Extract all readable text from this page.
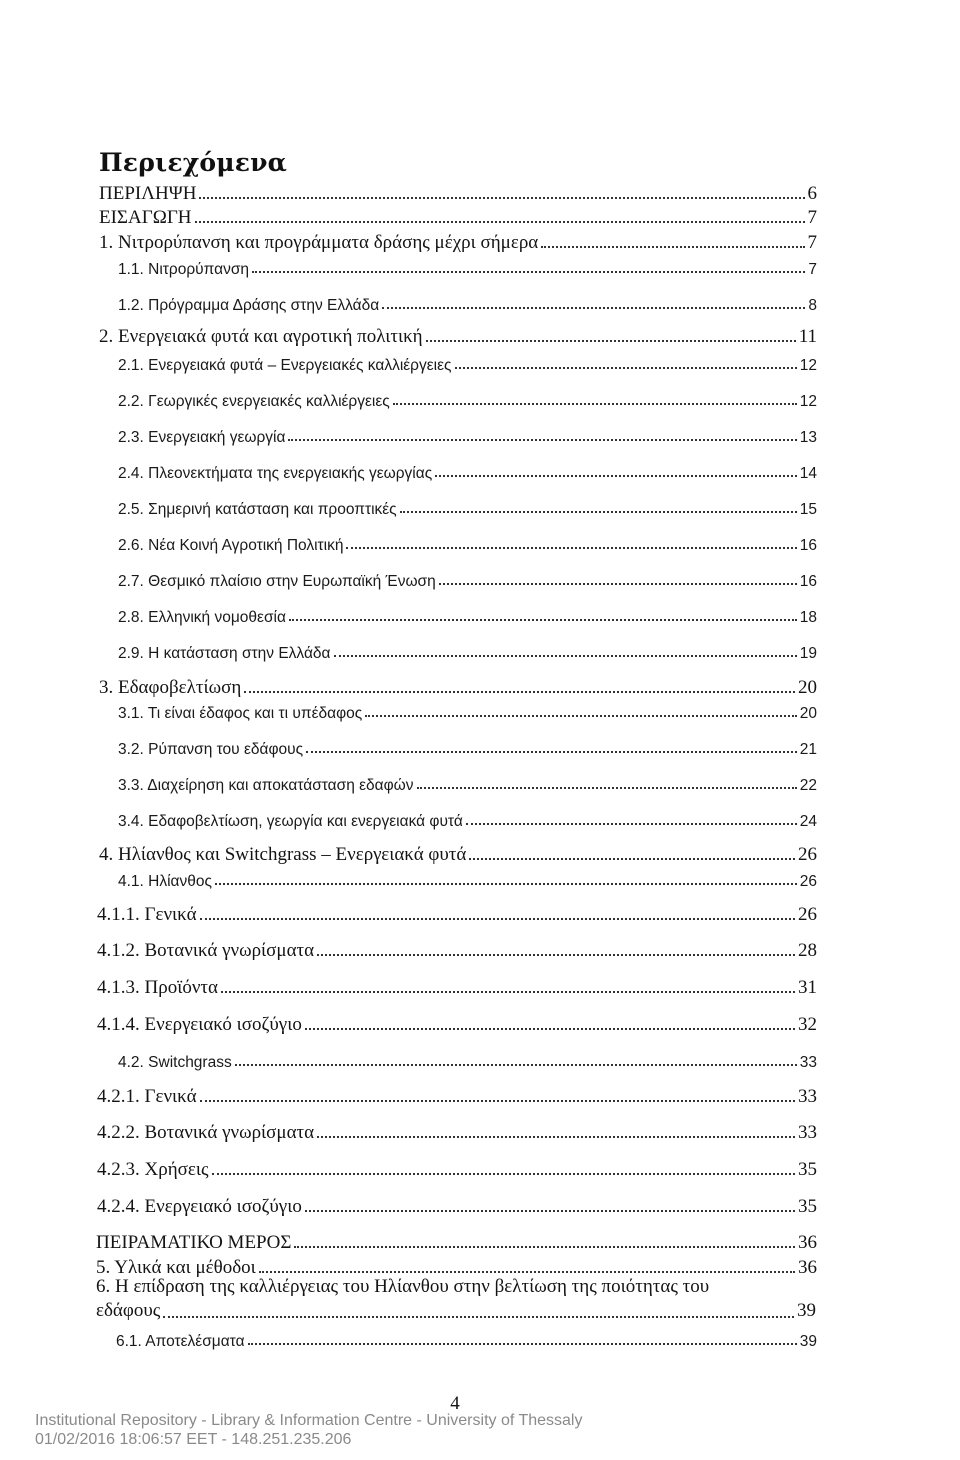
Περιεχόμενα
ΠΕΡΙΛΗΨΗ	6
ΕΙΣΑΓΩΓΗ	7
1. Νιτρορύπανση και προγράμματα δράσης μέχρι σήμερα	7
1.1. Νιτρορύπανση	7
1.2. Πρόγραμμα Δράσης στην Ελλάδα	8
2. Ενεργειακά φυτά και αγροτική πολιτική	11
2.1. Ενεργειακά φυτά – Ενεργειακές καλλιέργειες	12
2.2. Γεωργικές ενεργειακές καλλιέργειες	12
2.3. Ενεργειακή γεωργία	13
2.4. Πλεονεκτήματα της ενεργειακής γεωργίας	14
2.5. Σημερινή κατάσταση και προοπτικές	15
2.6. Νέα Κοινή Αγροτική Πολιτική	16
2.7. Θεσμικό πλαίσιο στην Ευρωπαϊκή Ένωση	16
2.8. Ελληνική νομοθεσία	18
2.9. Η κατάσταση στην Ελλάδα	19
3. Εδαφοβελτίωση	20
3.1. Τι είναι έδαφος και τι υπέδαφος	20
3.2. Ρύπανση του εδάφους	21
3.3. Διαχείρηση και αποκατάσταση εδαφών	22
3.4. Εδαφοβελτίωση, γεωργία και ενεργειακά φυτά	24
4. Ηλίανθος και Switchgrass – Ενεργειακά φυτά	26
4.1. Ηλίανθος	26
4.1.1. Γενικά	26
4.1.2. Βοτανικά γνωρίσματα	28
4.1.3. Προϊόντα	31
4.1.4. Ενεργειακό ισοζύγιο	32
4.2. Switchgrass	33
4.2.1. Γενικά	33
4.2.2. Βοτανικά γνωρίσματα	33
4.2.3. Χρήσεις	35
4.2.4. Ενεργειακό ισοζύγιο	35
ΠΕΙΡΑΜΑΤΙΚΟ ΜΕΡΟΣ	36
5. Υλικά και μέθοδοι	36
6. Η επίδραση της καλλιέργειας του Ηλίανθου στην βελτίωση της ποιότητας του
εδάφους	39
6.1. Αποτελέσματα	39
4
Institutional Repository - Library & Information Centre - University of Thessaly
01/02/2016 18:06:57 EET - 148.251.235.206
